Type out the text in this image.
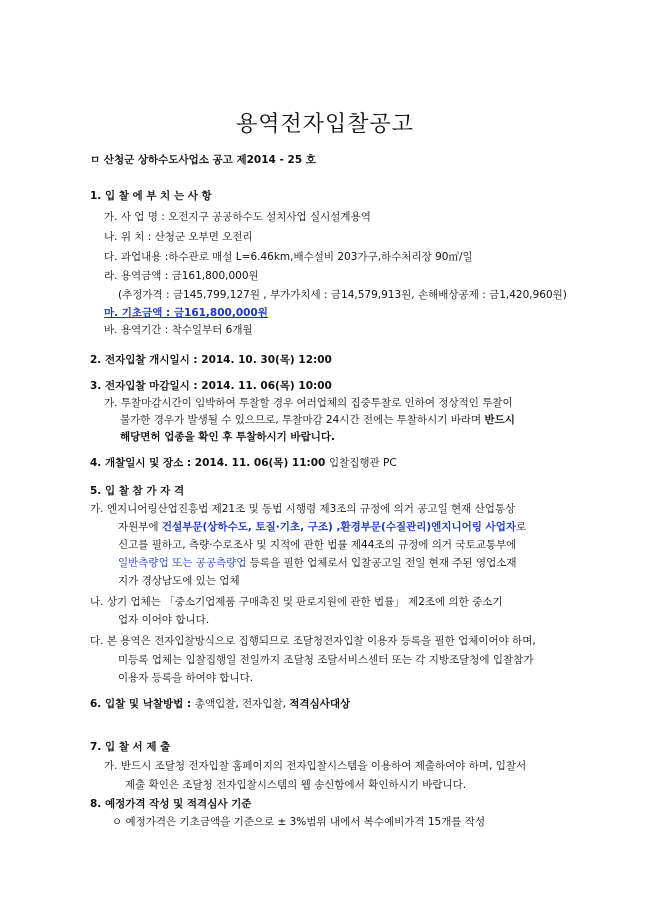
용역전자입찰공고
ㅁ 산청군 상하수도사업소 공고 제2014 - 25 호
1. 입 찰 에 부 치 는 사 항
가. 사 업 명 : 오전지구 공공하수도 설치사업 실시설계용역
나. 위 치 : 산청군 오부면 오전리
다. 과업내용 :하수관로 매설 L=6.46km,배수설비 203가구,하수처리장 90㎥/일
라. 용역금액 : 금161,800,000원
(추정가격 : 금145,799,127원 , 부가가치세 : 금14,579,913원, 손해배상공제 : 금1,420,960원)
마. 기초금액 : 금161,800,000원
바. 용역기간 : 착수일부터 6개월
2. 전자입찰 개시일시 : 2014. 10. 30(목) 12:00
3. 전자입찰 마감일시 : 2014. 11. 06(목) 10:00
가. 투찰마감시간이 임박하여 투찰할 경우 여러업체의 집중투찰로 인하여 정상적인 투찰이
불가한 경우가 발생될 수 있으므로, 투찰마감 24시간 전에는 투찰하시기 바라며 반드시
해당면허 업종을 확인 후 투찰하시기 바랍니다.
4. 개찰일시 및 장소 : 2014. 11. 06(목) 11:00 입찰집행관 PC
5. 입 찰 참 가 자 격
가. 엔지니어링산업진흥법 제21조 및 동법 시행령 제3조의 규정에 의거 공고일 현재 산업통상
자원부에 건설부문(상하수도, 토질·기초, 구조) ,환경부문(수질관리)엔지니어링 사업자로
신고를 필하고, 측량·수로조사 및 지적에 관한 법률 제44조의 규정에 의거 국토교통부에
일반측량업 또는 공공측량업 등록을 필한 업체로서 입찰공고일 전일 현재 주된 영업소재
지가 경상남도에 있는 업체
나. 상기 업체는 「중소기업제품 구매촉진 및 판로지원에 관한 법률」 제2조에 의한 중소기
업자 이어야 합니다.
다. 본 용역은 전자입찰방식으로 집행되므로 조달청전자입찰 이용자 등록을 필한 업체이어야 하며,
미등록 업체는 입찰집행일 전일까지 조달청 조달서비스센터 또는 각 지방조달청에 입찰참가
이용자 등록을 하여야 합니다.
6. 입찰 및 낙찰방법 : 총액입찰, 전자입찰, 적격심사대상
7. 입 찰 서 제 출
가. 반드시 조달청 전자입찰 홈페이지의 전자입찰시스템을 이용하여 제출하여야 하며, 입찰서
제출 확인은 조달청 전자입찰시스템의 웹 송신함에서 확인하시기 바랍니다.
8. 예정가격 작성 및 적격심사 기준
ㅇ 예정가격은 기초금액을 기준으로 ± 3%범위 내에서 복수예비가격 15개를 작성
